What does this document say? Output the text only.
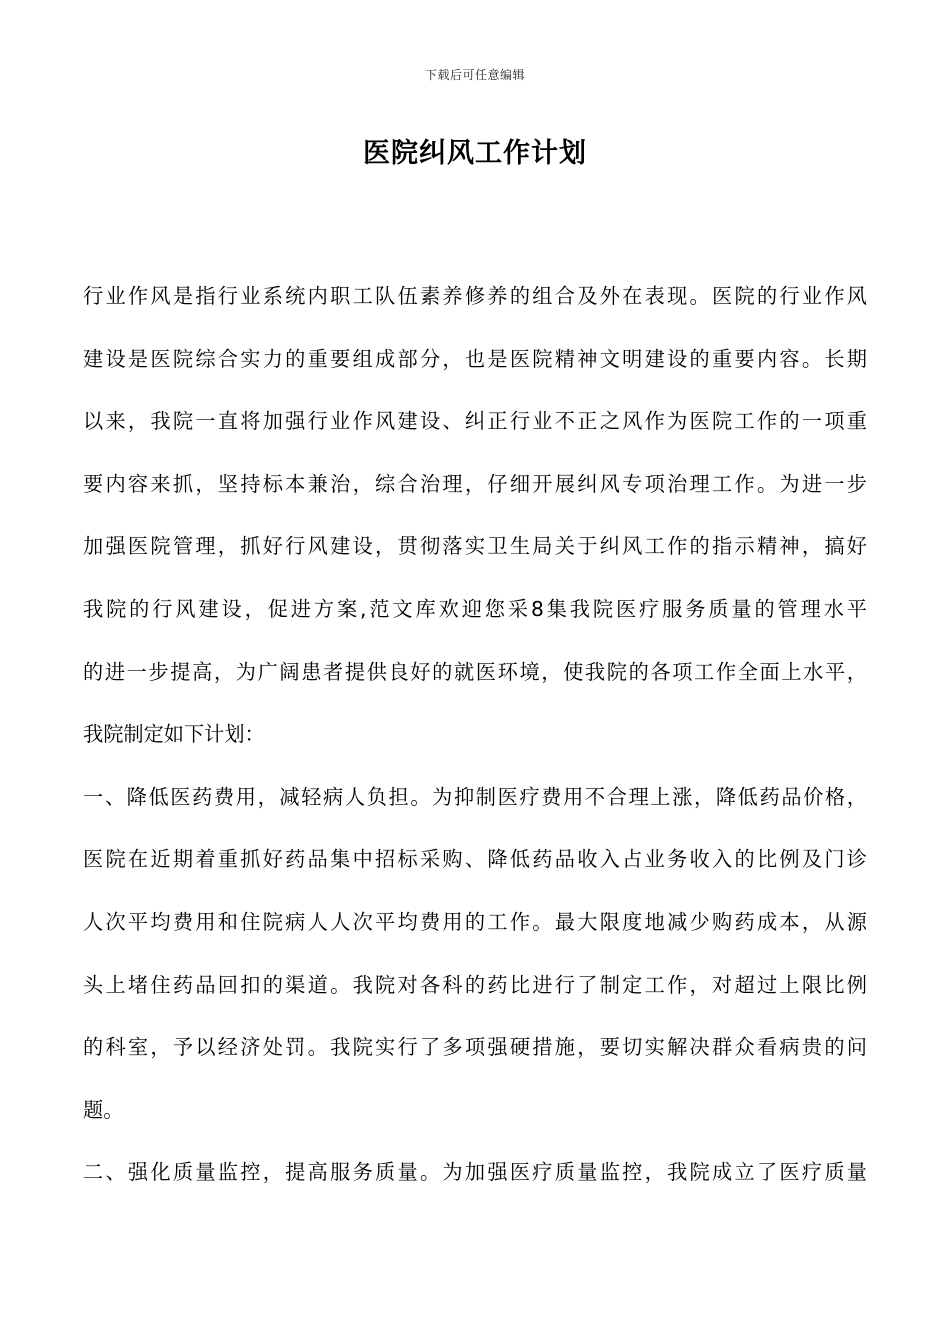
下载后可任意编辑
医院纠风工作计划
行业作风是指行业系统内职工队伍素养修养的组合及外在表现。医院的行业作风
建设是医院综合实力的重要组成部分，也是医院精神文明建设的重要内容。长期
以来，我院一直将加强行业作风建设、纠正行业不正之风作为医院工作的一项重
要内容来抓，坚持标本兼治，综合治理，仔细开展纠风专项治理工作。为进一步
加强医院管理，抓好行风建设，贯彻落实卫生局关于纠风工作的指示精神，搞好
我院的行风建设，促进方案,范文库欢迎您采8集我院医疗服务质量的管理水平
的进一步提高，为广阔患者提供良好的就医环境，使我院的各项工作全面上水平，
我院制定如下计划：
一、降低医药费用，减轻病人负担。为抑制医疗费用不合理上涨，降低药品价格，
医院在近期着重抓好药品集中招标采购、降低药品收入占业务收入的比例及门诊
人次平均费用和住院病人人次平均费用的工作。最大限度地减少购药成本，从源
头上堵住药品回扣的渠道。我院对各科的药比进行了制定工作，对超过上限比例
的科室，予以经济处罚。我院实行了多项强硬措施，要切实解决群众看病贵的问
题。
二、强化质量监控，提高服务质量。为加强医疗质量监控，我院成立了医疗质量
